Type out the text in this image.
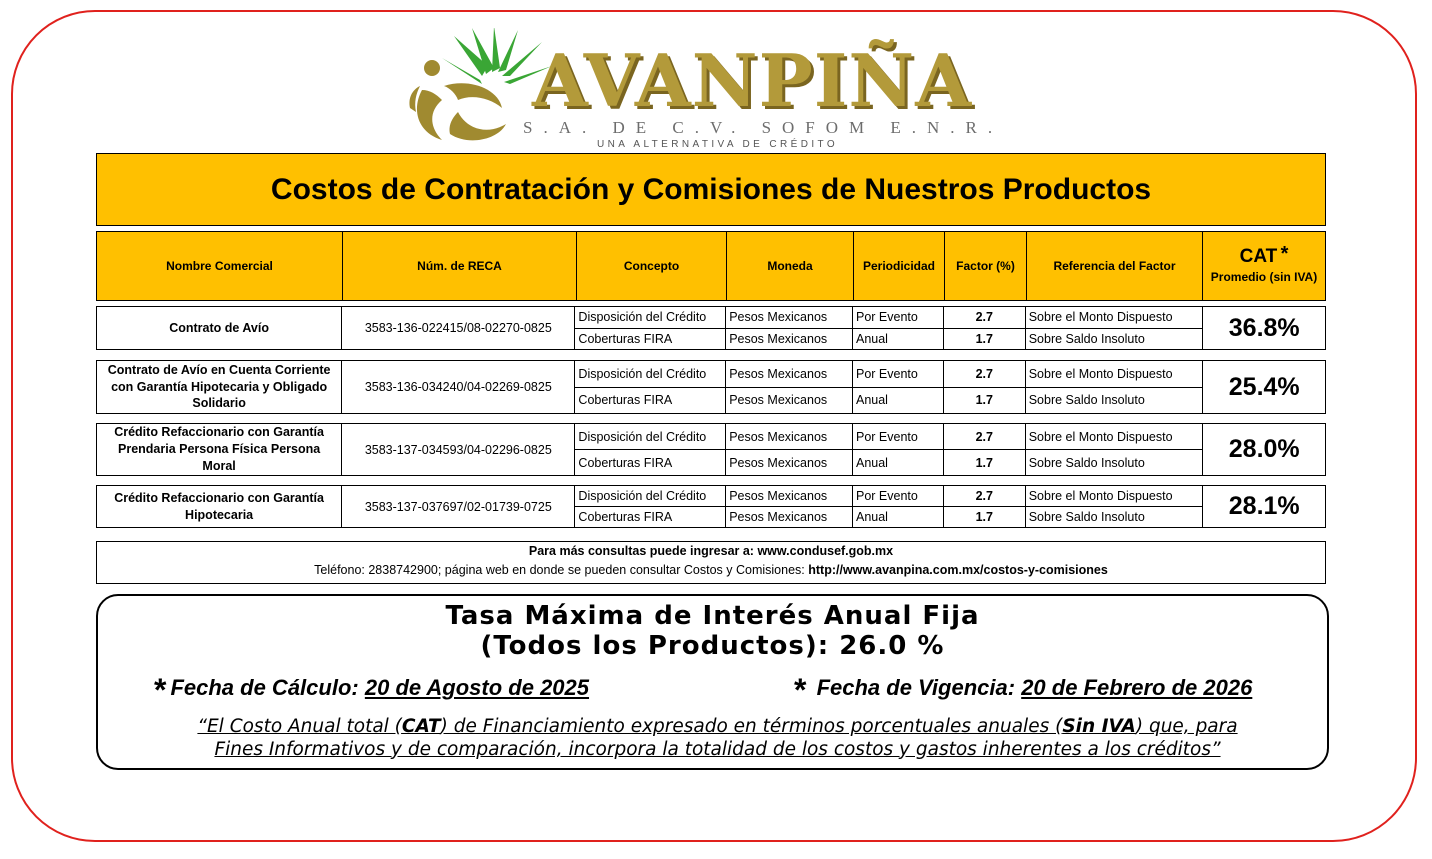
AVANPIÑA
S.A. DE C.V. SOFOM E.N.R.
UNA ALTERNATIVA DE CRÉDITO
Costos de Contratación y Comisiones de Nuestros Productos
Nombre Comercial	Núm. de RECA	Concepto	Moneda	Periodicidad	Factor (%)	Referencia del Factor	CAT *
Promedio (sin IVA)
Contrato de Avío	3583-136-022415/08-02270-0825
Disposición del Crédito	Pesos Mexicanos	Por Evento	2.7	Sobre el Monto Dispuesto
Coberturas FIRA	Pesos Mexicanos	Anual	1.7	Sobre Saldo Insoluto	36.8%
Contrato de Avío en Cuenta Corriente con Garantía Hipotecaria y Obligado Solidario
3583-136-034240/04-02269-0825
Disposición del Crédito	Pesos Mexicanos	Por Evento	2.7	Sobre el Monto Dispuesto
Coberturas FIRA	Pesos Mexicanos	Anual	1.7	Sobre Saldo Insoluto	25.4%
Crédito Refaccionario con Garantía Prendaria Persona Física Persona Moral
3583-137-034593/04-02296-0825
Disposición del Crédito	Pesos Mexicanos	Por Evento	2.7	Sobre el Monto Dispuesto
Coberturas FIRA	Pesos Mexicanos	Anual	1.7	Sobre Saldo Insoluto	28.0%
Crédito Refaccionario con Garantía Hipotecaria
3583-137-037697/02-01739-0725
Disposición del Crédito	Pesos Mexicanos	Por Evento	2.7	Sobre el Monto Dispuesto
Coberturas FIRA	Pesos Mexicanos	Anual	1.7	Sobre Saldo Insoluto	28.1%
Para más consultas puede ingresar a: www.condusef.gob.mx
Teléfono: 2838742900; página web en donde se pueden consultar Costos y Comisiones: http://www.avanpina.com.mx/costos-y-comisiones
Tasa Máxima de Interés Anual Fija
(Todos los Productos): 26.0 %
* Fecha de Cálculo: 20 de Agosto de 2025	* Fecha de Vigencia: 20 de Febrero de 2026
“El Costo Anual total (CAT) de Financiamiento expresado en términos porcentuales anuales (Sin IVA) que, para
Fines Informativos y de comparación, incorpora la totalidad de los costos y gastos inherentes a los créditos”
